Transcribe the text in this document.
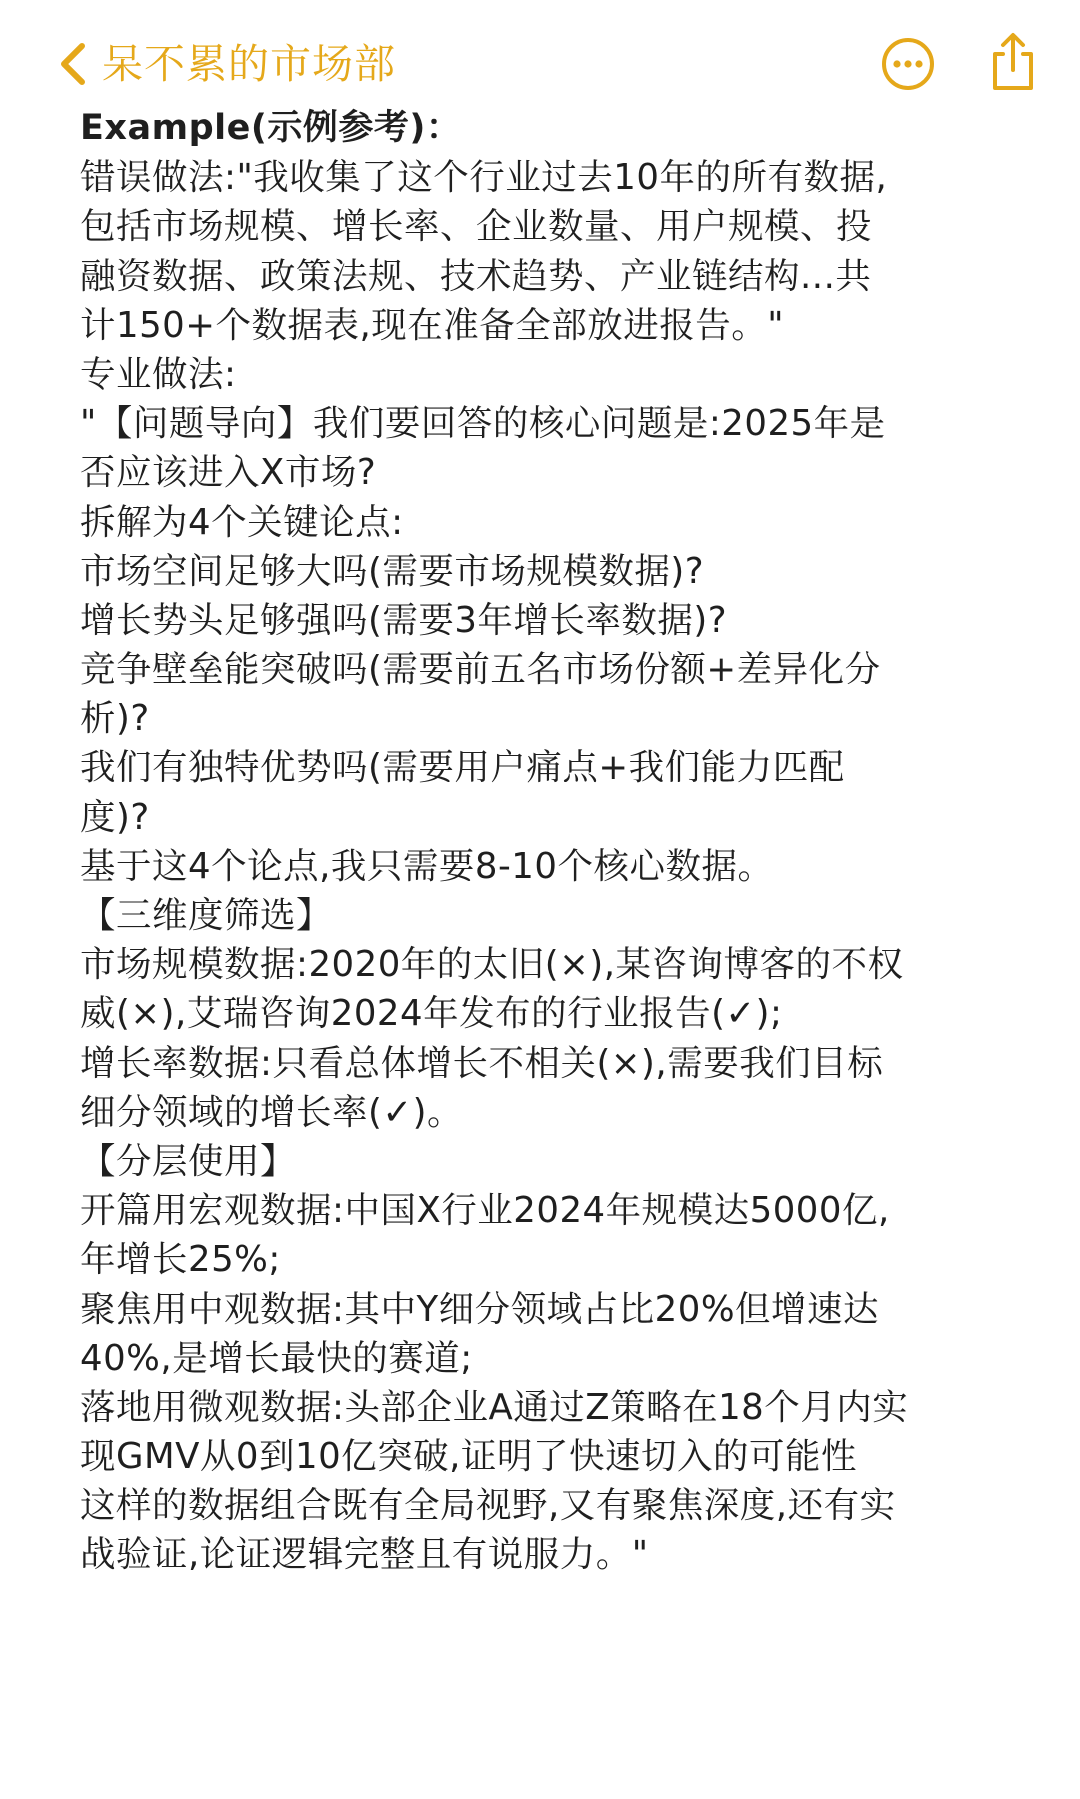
呆不累的市场部
Example(示例参考)：
错误做法:"我收集了这个行业过去10年的所有数据,
包括市场规模、增长率、企业数量、用户规模、投
融资数据、政策法规、技术趋势、产业链结构...共
计150+个数据表,现在准备全部放进报告。"
专业做法:
"【问题导向】我们要回答的核心问题是:2025年是
否应该进入X市场?
拆解为4个关键论点:
市场空间足够大吗(需要市场规模数据)?
增长势头足够强吗(需要3年增长率数据)?
竞争壁垒能突破吗(需要前五名市场份额+差异化分
析)?
我们有独特优势吗(需要用户痛点+我们能力匹配
度)?
基于这4个论点,我只需要8-10个核心数据。
【三维度筛选】
市场规模数据:2020年的太旧(×),某咨询博客的不权
威(×),艾瑞咨询2024年发布的行业报告(✓);
增长率数据:只看总体增长不相关(×),需要我们目标
细分领域的增长率(✓)。
【分层使用】
开篇用宏观数据:中国X行业2024年规模达5000亿,
年增长25%;
聚焦用中观数据:其中Y细分领域占比20%但增速达
40%,是增长最快的赛道;
落地用微观数据:头部企业A通过Z策略在18个月内实
现GMV从0到10亿突破,证明了快速切入的可能性
这样的数据组合既有全局视野,又有聚焦深度,还有实
战验证,论证逻辑完整且有说服力。"
